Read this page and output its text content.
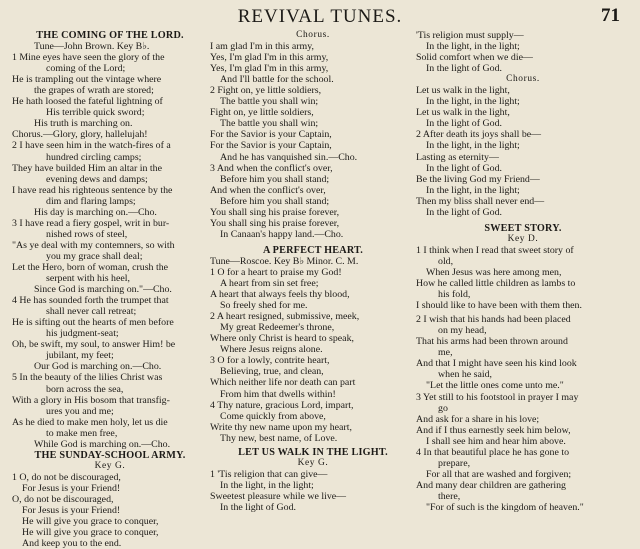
REVIVAL TUNES.	71
THE COMING OF THE LORD.
Tune—John Brown. Key B♭.
1 Mine eyes have seen the glory of the
coming of the Lord;
He is trampling out the vintage where
the grapes of wrath are stored;
He hath loosed the fateful lightning of
His terrible quick sword;
His truth is marching on.
Chorus.—Glory, glory, hallelujah!
2 I have seen him in the watch-fires of a
hundred circling camps;
They have builded Him an altar in the
evening dews and damps;
I have read his righteous sentence by the
dim and flaring lamps;
His day is marching on.—Cho.
3 I have read a fiery gospel, writ in bur-
nished rows of steel,
"As ye deal with my contemners, so with
you my grace shall deal;
Let the Hero, born of woman, crush the
serpent with his heel,
Since God is marching on."—Cho.
4 He has sounded forth the trumpet that
shall never call retreat;
He is sifting out the hearts of men before
his judgment-seat;
Oh, be swift, my soul, to answer Him! be
jubilant, my feet;
Our God is marching on.—Cho.
5 In the beauty of the lilies Christ was
born across the sea,
With a glory in His bosom that transfig-
ures you and me;
As he died to make men holy, let us die
to make men free,
While God is marching on.—Cho.
THE SUNDAY-SCHOOL ARMY.
Key G.
1 O, do not be discouraged,
For Jesus is your Friend!
O, do not be discouraged,
For Jesus is your Friend!
He will give you grace to conquer,
He will give you grace to conquer,
And keep you to the end.
Chorus.
I am glad I'm in this army,
Yes, I'm glad I'm in this army,
Yes, I'm glad I'm in this army,
And I'll battle for the school.
2 Fight on, ye little soldiers,
The battle you shall win;
Fight on, ye little soldiers,
The battle you shall win;
For the Savior is your Captain,
For the Savior is your Captain,
And he has vanquished sin.—Cho.
3 And when the conflict's over,
Before him you shall stand;
And when the conflict's over,
Before him you shall stand;
You shall sing his praise forever,
You shall sing his praise forever,
In Canaan's happy land.—Cho.
A PERFECT HEART.
Tune—Roscoe. Key B♭ Minor. C. M.
1 O for a heart to praise my God!
A heart from sin set free;
A heart that always feels thy blood,
So freely shed for me.
2 A heart resigned, submissive, meek,
My great Redeemer's throne,
Where only Christ is heard to speak,
Where Jesus reigns alone.
3 O for a lowly, contrite heart,
Believing, true, and clean,
Which neither life nor death can part
From him that dwells within!
4 Thy nature, gracious Lord, impart,
Come quickly from above,
Write thy new name upon my heart,
Thy new, best name, of Love.
LET US WALK IN THE LIGHT.
Key G.
1 'Tis religion that can give—
In the light, in the light;
Sweetest pleasure while we live—
In the light of God.
'Tis religion must supply—
In the light, in the light;
Solid comfort when we die—
In the light of God.
Chorus.
Let us walk in the light,
In the light, in the light;
Let us walk in the light,
In the light of God.
2 After death its joys shall be—
In the light, in the light;
Lasting as eternity—
In the light of God.
Be the living God my Friend—
In the light, in the light;
Then my bliss shall never end—
In the light of God.
SWEET STORY.
Key D.
1 I think when I read that sweet story of
old,
When Jesus was here among men,
How he called little children as lambs to
his fold,
I should like to have been with them then.
2 I wish that his hands had been placed
on my head,
That his arms had been thrown around
me,
And that I might have seen his kind look
when he said,
"Let the little ones come unto me."
3 Yet still to his footstool in prayer I may
go
And ask for a share in his love;
And if I thus earnestly seek him below,
I shall see him and hear him above.
4 In that beautiful place he has gone to
prepare,
For all that are washed and forgiven;
And many dear children are gathering
there,
"For of such is the kingdom of heaven."
